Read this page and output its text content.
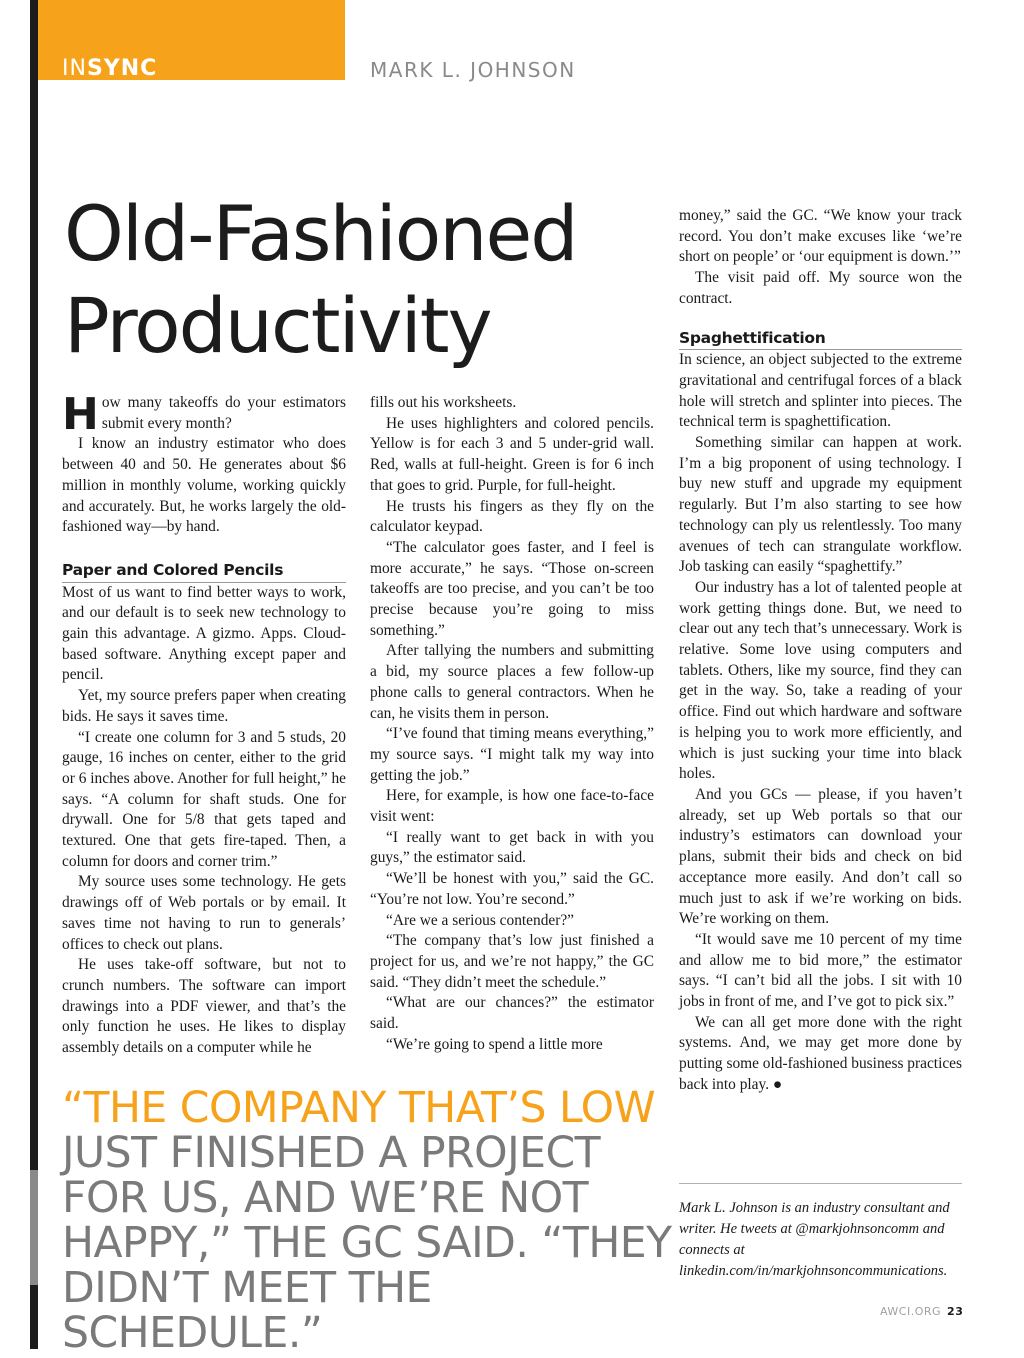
INSYNC	MARK L. JOHNSON
Old-Fashioned
Productivity

How many takeoffs do your estimators submit every month?

I know an industry estimator who does between 40 and 50. He generates about $6 million in monthly volume, working quickly and accurately. But, he works largely the old-fashioned way—by hand.

Paper and Colored Pencils

Most of us want to find better ways to work, and our default is to seek new technology to gain this advantage. A gizmo. Apps. Cloud-based software. Anything except paper and pencil.

Yet, my source prefers paper when creating bids. He says it saves time.

“I create one column for 3 and 5 studs, 20 gauge, 16 inches on center, either to the grid or 6 inches above. Another for full height,” he says. “A column for shaft studs. One for drywall. One for 5/8 that gets taped and textured. One that gets fire-taped. Then, a column for doors and corner trim.”

My source uses some technology. He gets drawings off of Web portals or by email. It saves time not having to run to generals’ offices to check out plans.

He uses take-off software, but not to crunch numbers. The software can import drawings into a PDF viewer, and that’s the only function he uses. He likes to display assembly details on a computer while he

fills out his worksheets.

He uses highlighters and colored pencils. Yellow is for each 3 and 5 under-grid wall. Red, walls at full-height. Green is for 6 inch that goes to grid. Purple, for full-height.

He trusts his fingers as they fly on the calculator keypad.

“The calculator goes faster, and I feel is more accurate,” he says. “Those on-screen takeoffs are too precise, and you can’t be too precise because you’re going to miss something.”

After tallying the numbers and submitting a bid, my source places a few follow-up phone calls to general contractors. When he can, he visits them in person.

“I’ve found that timing means everything,” my source says. “I might talk my way into getting the job.”

Here, for example, is how one face-to-face visit went:

“I really want to get back in with you guys,” the estimator said.

“We’ll be honest with you,” said the GC. “You’re not low. You’re second.”

“Are we a serious contender?”

“The company that’s low just finished a project for us, and we’re not happy,” the GC said. “They didn’t meet the schedule.”

“What are our chances?” the estimator said.

“We’re going to spend a little more

money,” said the GC. “We know your track record. You don’t make excuses like ‘we’re short on people’ or ‘our equipment is down.’”

The visit paid off. My source won the contract.

Spaghettification

In science, an object subjected to the extreme gravitational and centrifugal forces of a black hole will stretch and splinter into pieces. The technical term is spaghettification.

Something similar can happen at work. I’m a big proponent of using technology. I buy new stuff and upgrade my equipment regularly. But I’m also starting to see how technology can ply us relentlessly. Too many avenues of tech can strangulate workflow. Job tasking can easily “spaghettify.”

Our industry has a lot of talented people at work getting things done. But, we need to clear out any tech that’s unnecessary. Work is relative. Some love using computers and tablets. Others, like my source, find they can get in the way. So, take a reading of your office. Find out which hardware and software is helping you to work more efficiently, and which is just sucking your time into black holes.

And you GCs — please, if you haven’t already, set up Web portals so that our industry’s estimators can download your plans, submit their bids and check on bid acceptance more easily. And don’t call so much just to ask if we’re working on bids. We’re working on them.

“It would save me 10 percent of my time and allow me to bid more,” the estimator says. “I can’t bid all the jobs. I sit with 10 jobs in front of me, and I’ve got to pick six.”

We can all get more done with the right systems. And, we may get more done by putting some old-fashioned business practices back into play. ●

“THE COMPANY THAT’S LOW
JUST FINISHED A PROJECT FOR US, AND WE’RE NOT HAPPY,” THE GC SAID. “THEY DIDN’T MEET THE SCHEDULE.”

Mark L. Johnson is an industry consultant and writer. He tweets at @markjohnsoncomm and connects at linkedin.com/in/markjohnsoncommunications.

AWCI.ORG 23
